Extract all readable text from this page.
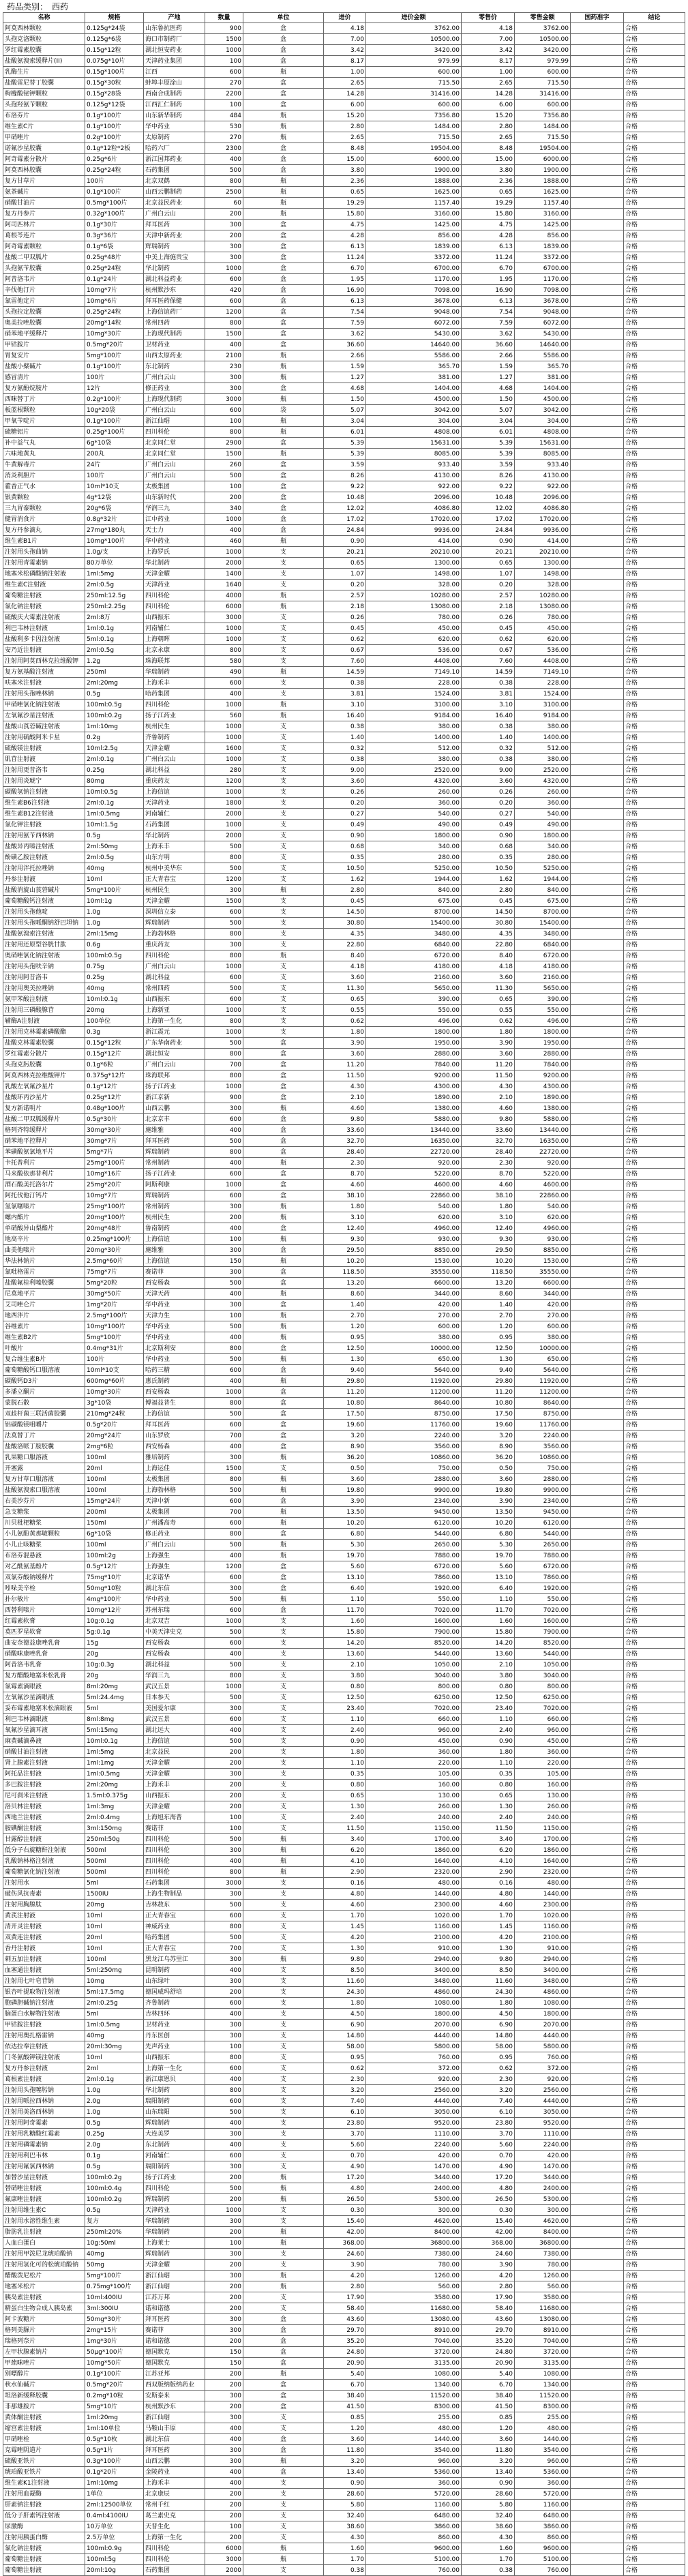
药品类别： 西药
名称	规格	产地	数量	单位	进价	进价金额	零售价	零售金额	国药准字	结论
阿莫西林颗粒	0.125g*24袋	山东鲁抗医药	900	盒	4.18	3762.00	4.18	3762.00		合格
头孢克洛颗粒	0.125g*6袋	海口市制药厂	1500	盒	7.00	10500.00	7.00	10500.00		合格
罗红霉素胶囊	0.15g*12粒	湖北恒安药业	1000	盒	3.42	3420.00	3.42	3420.00		合格
盐酸氨溴索缓释片(II)	0.075g*10片	天津药业集团	100	盒	8.17	979.99	8.17	979.99		合格
乳酶生片	0.15g*100片	江西	600	瓶	1.00	600.00	1.00	600.00		合格
盐酸雷尼替丁胶囊	0.15g*30粒	蚌埠丰原涂山	270	盒	2.65	715.50	2.65	715.50		合格
枸橼酸铋钾颗粒	0.15g*28袋	西南合成制药	2200	盒	14.28	31416.00	14.28	31416.00		合格
头孢羟氨苄颗粒	0.125g*12袋	江西汇仁制药	100	盒	6.00	600.00	6.00	600.00		合格
布洛芬片	0.1g*100片	山东新华制药	484	瓶	15.20	7356.80	15.20	7356.80		合格
维生素C片	0.1g*100片	华中药业	530	瓶	2.80	1484.00	2.80	1484.00		合格
甲硝唑片	0.2g*100片	太原制药	270	瓶	2.65	715.50	2.65	715.50		合格
诺氟沙星胶囊	0.1g*12粒*2板	哈药六厂	2300	盒	8.48	19504.00	8.48	19504.00		合格
阿奇霉素分散片	0.25g*6片	浙江国邦药业	400	盒	15.00	6000.00	15.00	6000.00		合格
阿莫西林胶囊	0.25g*24粒	石药集团	500	盒	3.80	1900.00	3.80	1900.00		合格
复方甘草片	100片	北京双鹤	800	瓶	2.36	1888.00	2.36	1888.00		合格
氨茶碱片	0.1g*100片	山西云鹏制药	2500	瓶	0.65	1625.00	0.65	1625.00		合格
硝酸甘油片	0.5mg*100片	北京益民药业	60	瓶	19.29	1157.40	19.29	1157.40		合格
复方丹参片	0.32g*100片	广州白云山	200	瓶	15.80	3160.00	15.80	3160.00		合格
阿司匹林片	0.1g*30片	拜耳医药	300	盒	4.75	1425.00	4.75	1425.00		合格
葛根芩连片	0.3g*36片	天津中新药业	200	盒	4.28	856.00	4.28	856.00		合格
阿奇霉素颗粒	0.1g*6袋	辉瑞制药	300	盒	6.13	1839.00	6.13	1839.00		合格
盐酸二甲双胍片	0.25g*48片	中美上海施贵宝	300	盒	11.24	3372.00	11.24	3372.00		合格
头孢氨苄胶囊	0.25g*24粒	华北制药	1000	盒	6.70	6700.00	6.70	6700.00		合格
阿昔洛韦片	0.1g*24片	湖北科益药业	600	盒	1.95	1170.00	1.95	1170.00		合格
辛伐他汀片	10mg*7片	杭州默沙东	420	盒	16.90	7098.00	16.90	7098.00		合格
氯雷他定片	10mg*6片	拜耳医药保健	600	盒	6.13	3678.00	6.13	3678.00		合格
头孢拉定胶囊	0.25g*24粒	上海信谊药厂	1200	盒	7.54	9048.00	7.54	9048.00		合格
奥美拉唑胶囊	20mg*14粒	常州四药	800	盒	7.59	6072.00	7.59	6072.00		合格
硝苯地平缓释片	10mg*30片	上海现代制药	1500	盒	3.62	5430.00	3.62	5430.00		合格
甲钴胺片	0.5mg*20片	卫材药业	400	盒	36.60	14640.00	36.60	14640.00		合格
胃复安片	5mg*100片	山西太原药业	2100	瓶	2.66	5586.00	2.66	5586.00		合格
盐酸小檗碱片	0.1g*100片	东北制药	230	瓶	1.59	365.70	1.59	365.70		合格
感冒清片	100片	广州白云山	300	瓶	1.27	381.00	1.27	381.00		合格
复方氨酚烷胺片	12片	修正药业	300	盒	4.68	1404.00	4.68	1404.00		合格
西咪替丁片	0.2g*100片	上海现代制药	3000	瓶	1.50	4500.00	1.50	4500.00		合格
板蓝根颗粒	10g*20袋	广州白云山	600	袋	5.07	3042.00	5.07	3042.00		合格
甲氧苄啶片	0.1g*100片	浙江仙琚	100	瓶	3.04	304.00	3.04	304.00		合格
硫糖铝片	0.25g*100片	四川科伦	800	瓶	6.01	4808.00	6.01	4808.00		合格
补中益气丸	6g*10袋	北京同仁堂	2900	盒	5.39	15631.00	5.39	15631.00		合格
六味地黄丸	200丸	北京同仁堂	1500	瓶	5.39	8085.00	5.39	8085.00		合格
牛黄解毒片	24片	广州白云山	260	盒	3.59	933.40	3.59	933.40		合格
消炎利胆片	100片	广州白云山	500	盒	8.26	4130.00	8.26	4130.00		合格
藿香正气水	10ml*10支	太极集团	100	盒	9.22	922.00	9.22	922.00		合格
银黄颗粒	4g*12袋	山东新时代	200	盒	10.48	2096.00	10.48	2096.00		合格
三九胃泰颗粒	20g*6袋	华润三九	340	盒	12.02	4086.80	12.02	4086.80		合格
健胃消食片	0.8g*32片	江中药业	1000	盒	17.02	17020.00	17.02	17020.00		合格
复方丹参滴丸	27mg*180丸	天士力	400	盒	24.84	9936.00	24.84	9936.00		合格
维生素B1片	10mg*100片	华中药业	460	瓶	0.90	414.00	0.90	414.00		合格
注射用头孢曲钠	1.0g/支	上海罗氏	1000	支	20.21	20210.00	20.21	20210.00		合格
注射用青霉素钠	80万单位	华北制药	2000	支	0.65	1300.00	0.65	1300.00		合格
地塞米松磷酸钠注射液	1ml:5mg	天津金耀	1400	支	1.07	1498.00	1.07	1498.00		合格
维生素C注射液	2ml:0.5g	天津药业	1640	支	0.20	328.00	0.20	328.00		合格
葡萄糖注射液	250ml:12.5g	四川科伦	4000	瓶	2.57	10280.00	2.57	10280.00		合格
氯化钠注射液	250ml:2.25g	四川科伦	6000	瓶	2.18	13080.00	2.18	13080.00		合格
硫酸庆大霉素注射液	2ml:8万	山西振东	3000	支	0.26	780.00	0.26	780.00		合格
利巴韦林注射液	1ml:0.1g	河南辅仁	1000	支	0.45	450.00	0.45	450.00		合格
盐酸利多卡因注射液	5ml:0.1g	上海朝晖	1000	支	0.62	620.00	0.62	620.00		合格
安乃近注射液	2ml:0.5g	北京永康	800	支	0.67	536.00	0.67	536.00		合格
注射用阿莫西林克拉维酸钾	1.2g	珠海联邦	580	支	7.60	4408.00	7.60	4408.00		合格
复方氨基酸注射液	250ml	华瑞制药	490	瓶	14.59	7149.10	14.59	7149.10		合格
呋塞米注射液	2ml:20mg	上海禾丰	600	支	0.38	228.00	0.38	228.00		合格
注射用头孢唑林钠	0.5g	哈药集团	400	支	3.81	1524.00	3.81	1524.00		合格
甲硝唑氯化钠注射液	100ml:0.5g	四川科伦	1000	瓶	3.10	3100.00	3.10	3100.00		合格
左氧氟沙星注射液	100ml:0.2g	扬子江药业	560	瓶	16.40	9184.00	16.40	9184.00		合格
盐酸山莨菪碱注射液	1ml:10mg	杭州民生	1000	支	0.38	380.00	0.38	380.00		合格
注射用硫酸阿米卡星	0.2g	齐鲁制药	1000	支	1.40	1400.00	1.40	1400.00		合格
硫酸镁注射液	10ml:2.5g	天津金耀	1600	支	0.32	512.00	0.32	512.00		合格
肌苷注射液	2ml:0.1g	广州白云山	1000	支	0.38	380.00	0.38	380.00		合格
注射用更昔洛韦	0.25g	湖北科益	280	支	9.00	2520.00	9.00	2520.00		合格
注射用炎琥宁	80mg	重庆药友	1200	支	3.60	4320.00	3.60	4320.00		合格
碳酸氢钠注射液	10ml:0.5g	上海信谊	1000	支	0.26	260.00	0.26	260.00		合格
维生素B6注射液	2ml:0.1g	天津药业	1800	支	0.20	360.00	0.20	360.00		合格
维生素B12注射液	1ml:0.5mg	河南辅仁	2000	支	0.27	540.00	0.27	540.00		合格
氯化钾注射液	10ml:1.5g	石药集团	1000	支	0.49	490.00	0.49	490.00		合格
注射用氨苄西林钠	0.5g	华北制药	2000	支	0.90	1800.00	0.90	1800.00		合格
盐酸异丙嗪注射液	2ml:50mg	上海禾丰	500	支	0.68	340.00	0.68	340.00		合格
酚磺乙胺注射液	2ml:0.5g	山东方明	800	支	0.35	280.00	0.35	280.00		合格
注射用泮托拉唑钠	40mg	杭州中美华东	500	支	10.50	5250.00	10.50	5250.00		合格
丹参注射液	10ml	正大青春宝	1200	支	1.62	1944.00	1.62	1944.00		合格
盐酸消旋山莨菪碱片	5mg*100片	杭州民生	300	瓶	2.80	840.00	2.80	840.00		合格
葡萄糖酸钙注射液	10ml:1g	天津金耀	1500	支	0.45	675.00	0.45	675.00		合格
注射用头孢他啶	1.0g	深圳信立泰	600	支	14.50	8700.00	14.50	8700.00		合格
注射用头孢哌酮钠舒巴坦钠	1.0g	辉瑞制药	500	支	30.80	15400.00	30.80	15400.00		合格
盐酸氨溴索注射液	2ml:15mg	上海勃林格	800	支	4.35	3480.00	4.35	3480.00		合格
注射用还原型谷胱甘肽	0.6g	重庆药友	300	支	22.80	6840.00	22.80	6840.00		合格
奥硝唑氯化钠注射液	100ml:0.5g	四川科伦	800	瓶	8.40	6720.00	8.40	6720.00		合格
注射用头孢呋辛钠	0.75g	广州白云山	1000	支	4.18	4180.00	4.18	4180.00		合格
注射用阿昔洛韦	0.25g	湖北科益	600	支	3.60	2160.00	3.60	2160.00		合格
注射用奥美拉唑钠	40mg	常州四药	500	支	11.30	5650.00	11.30	5650.00		合格
氨甲苯酸注射液	10ml:0.1g	山西振东	600	支	0.65	390.00	0.65	390.00		合格
注射用三磷酸腺苷	20mg	上海新亚	1000	支	0.55	550.00	0.55	550.00		合格
辅酶A注射液	100单位	上海第一生化	800	支	0.62	496.00	0.62	496.00		合格
注射用克林霉素磷酸酯	0.3g	浙江震元	1000	支	1.80	1800.00	1.80	1800.00		合格
盐酸克林霉素胶囊	0.15g*12粒	广东华南药业	500	盒	3.90	1950.00	3.90	1950.00		合格
罗红霉素分散片	0.15g*12片	湖北恒安	800	盒	3.60	2880.00	3.60	2880.00		合格
头孢克肟胶囊	0.1g*6粒	广州白云山	700	盒	11.20	7840.00	11.20	7840.00		合格
阿莫西林克拉维酸钾片	0.375g*12片	珠海联邦	800	盒	11.50	9200.00	11.50	9200.00		合格
乳酸左氧氟沙星片	0.1g*12片	扬子江药业	1000	盒	4.30	4300.00	4.30	4300.00		合格
盐酸环丙沙星片	0.25g*12片	浙江京新	900	盒	2.10	1890.00	2.10	1890.00		合格
复方新诺明片	0.48g*100片	山西云鹏	300	瓶	4.60	1380.00	4.60	1380.00		合格
盐酸二甲双胍缓释片	0.5g*30片	北京京丰	600	盒	9.80	5880.00	9.80	5880.00		合格
格列齐特缓释片	30mg*30片	施维雅	400	盒	33.60	13440.00	33.60	13440.00		合格
硝苯地平控释片	30mg*7片	拜耳医药	500	盒	32.70	16350.00	32.70	16350.00		合格
苯磺酸氨氯地平片	5mg*7片	辉瑞制药	800	盒	28.40	22720.00	28.40	22720.00		合格
卡托普利片	25mg*100片	常州制药	400	瓶	2.30	920.00	2.30	920.00		合格
马来酸依那普利片	10mg*16片	扬子江药业	600	盒	8.70	5220.00	8.70	5220.00		合格
酒石酸美托洛尔片	25mg*20片	阿斯利康	1000	盒	4.60	4600.00	4.60	4600.00		合格
阿托伐他汀钙片	10mg*7片	辉瑞制药	600	盒	38.10	22860.00	38.10	22860.00		合格
氢氯噻嗪片	25mg*100片	常州制药	300	瓶	1.80	540.00	1.80	540.00		合格
螺内酯片	20mg*100片	杭州民生	200	瓶	3.10	620.00	3.10	620.00		合格
单硝酸异山梨酯片	20mg*48片	鲁南制药	400	盒	12.40	4960.00	12.40	4960.00		合格
地高辛片	0.25mg*100片	上海信谊	100	瓶	9.30	930.00	9.30	930.00		合格
曲美他嗪片	20mg*30片	施维雅	300	盒	29.50	8850.00	29.50	8850.00		合格
华法林钠片	2.5mg*60片	上海信谊	150	瓶	10.20	1530.00	10.20	1530.00		合格
氯吡格雷片	75mg*7片	赛诺菲	300	盒	118.50	35550.00	118.50	35550.00		合格
盐酸氟桂利嗪胶囊	5mg*20粒	西安杨森	500	盒	13.20	6600.00	13.20	6600.00		合格
尼莫地平片	30mg*50片	天津天药	400	瓶	8.60	3440.00	8.60	3440.00		合格
艾司唑仑片	1mg*20片	华中药业	300	盒	1.40	420.00	1.40	420.00		合格
地西泮片	2.5mg*100片	天津力生	100	瓶	2.70	270.00	2.70	270.00		合格
谷维素片	10mg*100片	华中药业	500	瓶	1.20	600.00	1.20	600.00		合格
维生素B2片	5mg*100片	华中药业	400	瓶	0.95	380.00	0.95	380.00		合格
叶酸片	0.4mg*31片	北京斯利安	800	盒	12.50	10000.00	12.50	10000.00		合格
复合维生素B片	100片	华中药业	500	瓶	1.30	650.00	1.30	650.00		合格
葡萄糖酸钙口服溶液	10ml*10支	哈药三精	600	盒	9.40	5640.00	9.40	5640.00		合格
碳酸钙D3片	600mg*60片	惠氏制药	400	瓶	29.80	11920.00	29.80	11920.00		合格
多潘立酮片	10mg*30片	西安杨森	1000	盒	11.20	11200.00	11.20	11200.00		合格
蒙脱石散	3g*10袋	博福益普生	800	盒	10.80	8640.00	10.80	8640.00		合格
双歧杆菌三联活菌胶囊	210mg*24粒	上海信谊	500	盒	17.50	8750.00	17.50	8750.00		合格
铝碳酸镁咀嚼片	0.5g*20片	拜耳医药	600	盒	19.60	11760.00	19.60	11760.00		合格
法莫替丁片	20mg*24片	山东罗欣	700	盒	3.20	2240.00	3.20	2240.00		合格
盐酸洛哌丁胺胶囊	2mg*6粒	西安杨森	400	盒	8.90	3560.00	8.90	3560.00		合格
乳果糖口服溶液	100ml	雅培制药	300	瓶	36.20	10860.00	36.20	10860.00		合格
开塞露	20ml	上海运佳	1500	支	0.50	750.00	0.50	750.00		合格
复方甘草口服溶液	100ml	太极集团	800	瓶	3.60	2880.00	3.60	2880.00		合格
盐酸氨溴索口服溶液	100ml	上海勃林格	500	瓶	19.80	9900.00	19.80	9900.00		合格
右美沙芬片	15mg*24片	天津中新	600	盒	3.90	2340.00	3.90	2340.00		合格
急支糖浆	200ml	太极集团	700	瓶	13.50	9450.00	13.50	9450.00		合格
川贝枇杷糖浆	150ml	广州潘高寿	600	瓶	10.20	6120.00	10.20	6120.00		合格
小儿氨酚黄那敏颗粒	6g*10袋	修正药业	800	盒	6.80	5440.00	6.80	5440.00		合格
小儿止咳糖浆	100ml	广州白云山	500	瓶	5.30	2650.00	5.30	2650.00		合格
布洛芬混悬液	100ml:2g	上海强生	400	瓶	19.70	7880.00	19.70	7880.00		合格
对乙酰氨基酚片	0.5g*12片	上海强生	1200	盒	5.60	6720.00	5.60	6720.00		合格
双氯芬酸钠缓释片	75mg*10片	北京诺华	600	盒	13.10	7860.00	13.10	7860.00		合格
吲哚美辛栓	50mg*10粒	湖北东信	300	盒	6.40	1920.00	6.40	1920.00		合格
扑尔敏片	4mg*100片	华中药业	500	瓶	1.10	550.00	1.10	550.00		合格
西替利嗪片	10mg*12片	苏州东瑞	600	盒	11.70	7020.00	11.70	7020.00		合格
红霉素软膏	10g:0.1g	北京双吉	1000	支	1.60	1600.00	1.60	1600.00		合格
莫匹罗星软膏	5g:0.1g	中美天津史克	500	支	15.80	7900.00	15.80	7900.00		合格
曲安奈德益康唑乳膏	15g	西安杨森	600	支	14.20	8520.00	14.20	8520.00		合格
硝酸咪康唑乳膏	20g	西安杨森	400	支	13.60	5440.00	13.60	5440.00		合格
阿昔洛韦乳膏	10g:0.3g	湖北科益	500	支	2.10	1050.00	2.10	1050.00		合格
复方醋酸地塞米松乳膏	20g	华润三九	800	支	3.80	3040.00	3.80	3040.00		合格
氯霉素滴眼液	8ml:20mg	武汉五景	1000	支	0.80	800.00	0.80	800.00		合格
左氧氟沙星滴眼液	5ml:24.4mg	日本参天	500	支	12.50	6250.00	12.50	6250.00		合格
妥布霉素地塞米松滴眼液	5ml	美国爱尔康	300	支	23.40	7020.00	23.40	7020.00		合格
利巴韦林滴眼液	8ml:8mg	武汉五景	600	支	1.10	660.00	1.10	660.00		合格
氧氟沙星滴耳液	5ml:15mg	湖北远大	400	支	2.40	960.00	2.40	960.00		合格
麻黄碱滴鼻液	10ml:0.1g	上海信谊	500	支	0.90	450.00	0.90	450.00		合格
硝酸甘油注射液	1ml:5mg	北京益民	200	支	1.80	360.00	1.80	360.00		合格
肾上腺素注射液	1ml:1mg	天津金耀	200	支	1.10	220.00	1.10	220.00		合格
阿托品注射液	1ml:0.5mg	天津金耀	300	支	0.35	105.00	0.35	105.00		合格
多巴胺注射液	2ml:20mg	上海禾丰	200	支	0.80	160.00	0.80	160.00		合格
尼可刹米注射液	1.5ml:0.375g	山西振东	200	支	0.65	130.00	0.65	130.00		合格
洛贝林注射液	1ml:3mg	天津金耀	200	支	1.30	260.00	1.30	260.00		合格
西地兰注射液	2ml:0.4mg	上海旭东海普	100	支	2.40	240.00	2.40	240.00		合格
胺碘酮注射液	3ml:150mg	赛诺菲	100	支	11.50	1150.00	11.50	1150.00		合格
甘露醇注射液	250ml:50g	四川科伦	500	瓶	3.40	1700.00	3.40	1700.00		合格
低分子右旋糖酐注射液	500ml	四川科伦	300	瓶	6.20	1860.00	6.20	1860.00		合格
乳酸钠林格注射液	500ml	四川科伦	400	瓶	4.10	1640.00	4.10	1640.00		合格
葡萄糖氯化钠注射液	500ml	四川科伦	800	瓶	2.90	2320.00	2.90	2320.00		合格
注射用水	5ml	石药集团	3000	支	0.16	480.00	0.16	480.00		合格
破伤风抗毒素	1500IU	上海生物制品	300	支	4.80	1440.00	4.80	1440.00		合格
注射用胸腺肽	20mg	吉林敖东	500	支	4.60	2300.00	4.60	2300.00		合格
黄芪注射液	10ml	正大青春宝	600	支	1.70	1020.00	1.70	1020.00		合格
清开灵注射液	10ml	神威药业	800	支	1.45	1160.00	1.45	1160.00		合格
双黄连注射液	20ml	哈药集团	500	支	4.20	2100.00	4.20	2100.00		合格
香丹注射液	10ml	正大青春宝	700	支	1.30	910.00	1.30	910.00		合格
刺五加注射液	100ml	黑龙江乌苏里江	300	瓶	9.80	2940.00	9.80	2940.00		合格
血塞通注射液	5ml:250mg	昆明制药	400	支	8.50	3400.00	8.50	3400.00		合格
注射用七叶皂苷钠	10mg	山东绿叶	300	支	11.60	3480.00	11.60	3480.00		合格
银杏叶提取物注射液	5ml:17.5mg	德国威玛舒培	200	支	24.30	4860.00	24.30	4860.00		合格
胞磷胆碱钠注射液	2ml:0.25g	齐鲁制药	600	支	1.80	1080.00	1.80	1080.00		合格
脑蛋白水解物注射液	5ml	吉林四环	400	支	4.50	1800.00	4.50	1800.00		合格
甲钴胺注射液	1ml:0.5mg	卫材药业	300	支	6.90	2070.00	6.90	2070.00		合格
注射用奥扎格雷钠	40mg	丹东医创	300	支	14.80	4440.00	14.80	4440.00		合格
依达拉奉注射液	20ml:30mg	先声药业	100	支	58.00	5800.00	58.00	5800.00		合格
门冬氨酸钾镁注射液	10ml	山西振东	800	支	0.95	760.00	0.95	760.00		合格
复方丹参注射液	2ml	上海第一生化	600	支	0.62	372.00	0.62	372.00		合格
葛根素注射液	2ml:0.1g	浙江康恩贝	400	支	2.30	920.00	2.30	920.00		合格
注射用头孢噻肟钠	1.0g	华北制药	800	支	3.20	2560.00	3.20	2560.00		合格
注射用哌拉西林钠	2.0g	瑞阳制药	600	支	7.40	4440.00	7.40	4440.00		合格
注射用美洛西林钠	1.0g	山东瑞阳	500	支	6.10	3050.00	6.10	3050.00		合格
注射用阿奇霉素	0.5g	辉瑞制药	400	支	23.80	9520.00	23.80	9520.00		合格
注射用乳糖酸红霉素	0.25g	大连美罗	300	支	3.70	1110.00	3.70	1110.00		合格
注射用磷霉素钠	2.0g	东北制药	400	支	5.60	2240.00	5.60	2240.00		合格
注射用利巴韦林	0.1g	河南辅仁	600	支	0.70	420.00	0.70	420.00		合格
注射用氟氯西林钠	0.5g	瑞阳制药	300	支	4.90	1470.00	4.90	1470.00		合格
加替沙星注射液	100ml:0.2g	扬子江药业	200	瓶	17.20	3440.00	17.20	3440.00		合格
替硝唑注射液	100ml:0.4g	四川科伦	500	瓶	4.80	2400.00	4.80	2400.00		合格
氟康唑注射液	100ml:0.2g	辉瑞制药	200	瓶	26.50	5300.00	26.50	5300.00		合格
注射用维生素C	0.5g	天津药业	1000	支	0.30	300.00	0.30	300.00		合格
注射用水溶性维生素	复方	华瑞制药	300	支	15.40	4620.00	15.40	4620.00		合格
脂肪乳注射液	250ml:20%	华瑞制药	200	瓶	42.00	8400.00	42.00	8400.00		合格
人血白蛋白	10g:50ml	上海莱士	100	瓶	368.00	36800.00	368.00	36800.00		合格
注射用甲泼尼龙琥珀酸钠	40mg	辉瑞制药	300	支	24.60	7380.00	24.60	7380.00		合格
注射用氢化可的松琥珀酸钠	50mg	天津金耀	200	支	3.90	780.00	3.90	780.00		合格
醋酸泼尼松片	5mg*100片	浙江仙琚	300	瓶	4.20	1260.00	4.20	1260.00		合格
地塞米松片	0.75mg*100片	浙江仙琚	200	瓶	2.80	560.00	2.80	560.00		合格
胰岛素注射液	10ml:400IU	江苏万邦	200	支	17.90	3580.00	17.90	3580.00		合格
精蛋白生物合成人胰岛素	3ml:300IU	诺和诺德	200	支	58.40	11680.00	58.40	11680.00		合格
阿卡波糖片	50mg*30片	拜耳医药	300	盒	43.60	13080.00	43.60	13080.00		合格
格列美脲片	2mg*15片	赛诺菲	300	盒	29.70	8910.00	29.70	8910.00		合格
瑞格列奈片	1mg*30片	诺和诺德	200	盒	35.20	7040.00	35.20	7040.00		合格
左甲状腺素钠片	50μg*100片	德国默克	150	盒	24.80	3720.00	24.80	3720.00		合格
甲巯咪唑片	10mg*50片	德国默克	150	盒	20.90	3135.00	20.90	3135.00		合格
别嘌醇片	0.1g*100片	江苏亚邦	200	瓶	5.40	1080.00	5.40	1080.00		合格
秋水仙碱片	0.5mg*20片	西双版纳版纳药业	200	盒	6.70	1340.00	6.70	1340.00		合格
坦洛新缓释胶囊	0.2mg*10粒	安斯泰来	300	盒	38.40	11520.00	38.40	11520.00		合格
非那雄胺片	5mg*10片	杭州默沙东	200	盒	41.50	8300.00	41.50	8300.00		合格
黄体酮注射液	1ml:20mg	浙江仙琚	300	支	0.85	255.00	0.85	255.00		合格
缩宫素注射液	1ml:10单位	马鞍山丰原	400	支	1.20	480.00	1.20	480.00		合格
甲硝唑栓	0.5g*10枚	湖北东信	400	盒	3.60	1440.00	3.60	1440.00		合格
克霉唑阴道片	0.5g*1片	拜耳医药	300	盒	11.80	3540.00	11.80	3540.00		合格
硫酸亚铁片	0.3g*100片	山西云鹏	300	瓶	3.20	960.00	3.20	960.00		合格
琥珀酸亚铁片	0.1g*20片	金陵药业	400	盒	13.40	5360.00	13.40	5360.00		合格
维生素K1注射液	1ml:10mg	上海禾丰	400	支	0.90	360.00	0.90	360.00		合格
注射用血凝酶	1单位	北京康辰	200	支	28.60	5720.00	28.60	5720.00		合格
肝素钠注射液	2ml:12500单位	常州千红	200	支	5.80	1160.00	5.80	1160.00		合格
低分子肝素钙注射液	0.4ml:4100IU	葛兰素史克	200	支	32.40	6480.00	32.40	6480.00		合格
尿激酶	10万单位	天普生化	100	支	38.60	3860.00	38.60	3860.00		合格
注射用胰蛋白酶	2.5万单位	上海第一生化	200	支	4.30	860.00	4.30	860.00		合格
氯化钠注射液	100ml:0.9g	四川科伦	6000	瓶	1.60	9600.00	1.60	9600.00		合格
葡萄糖注射液	100ml:5g	四川科伦	3000	瓶	1.70	5100.00	1.70	5100.00		合格
葡萄糖注射液	20ml:10g	石药集团	2000	支	0.38	760.00	0.38	760.00		合格
